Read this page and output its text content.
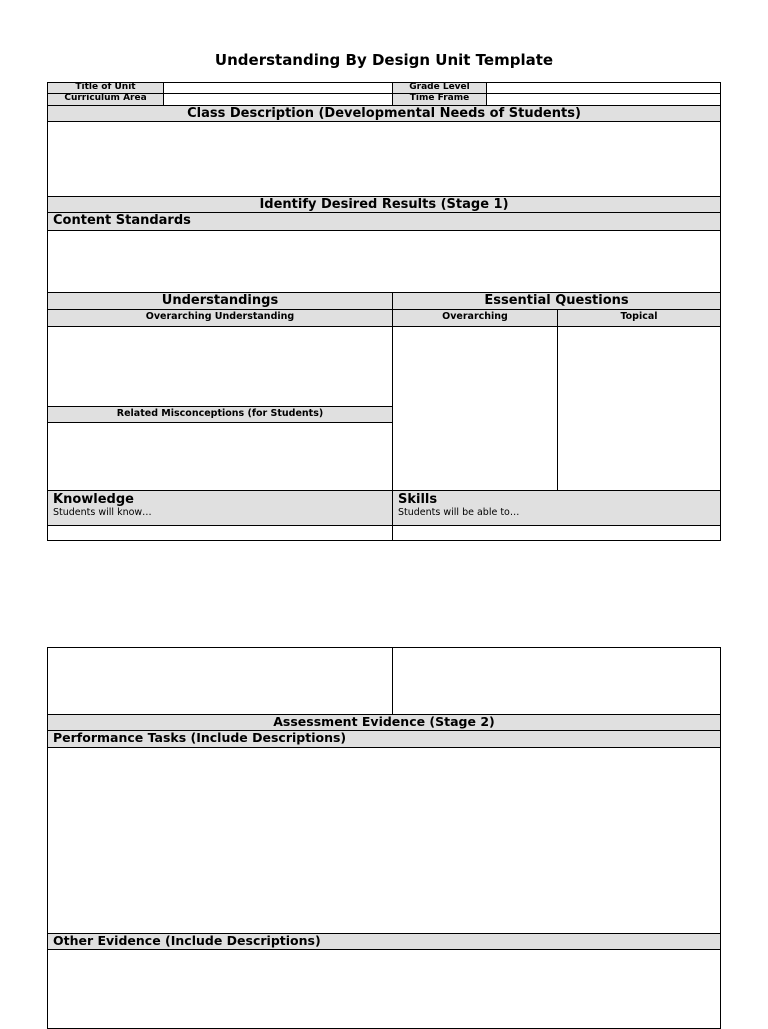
Understanding By Design Unit Template
Title of Unit	Grade Level
Curriculum Area	Time Frame
Class Description (Developmental Needs of Students)
Identify Desired Results (Stage 1)
Content Standards
Understandings	Essential Questions
Overarching Understanding	Overarching	Topical
Related Misconceptions (for Students)
Knowledge
Students will know…
Skills
Students will be able to…
Assessment Evidence (Stage 2)
Performance Tasks (Include Descriptions)
Other Evidence (Include Descriptions)
